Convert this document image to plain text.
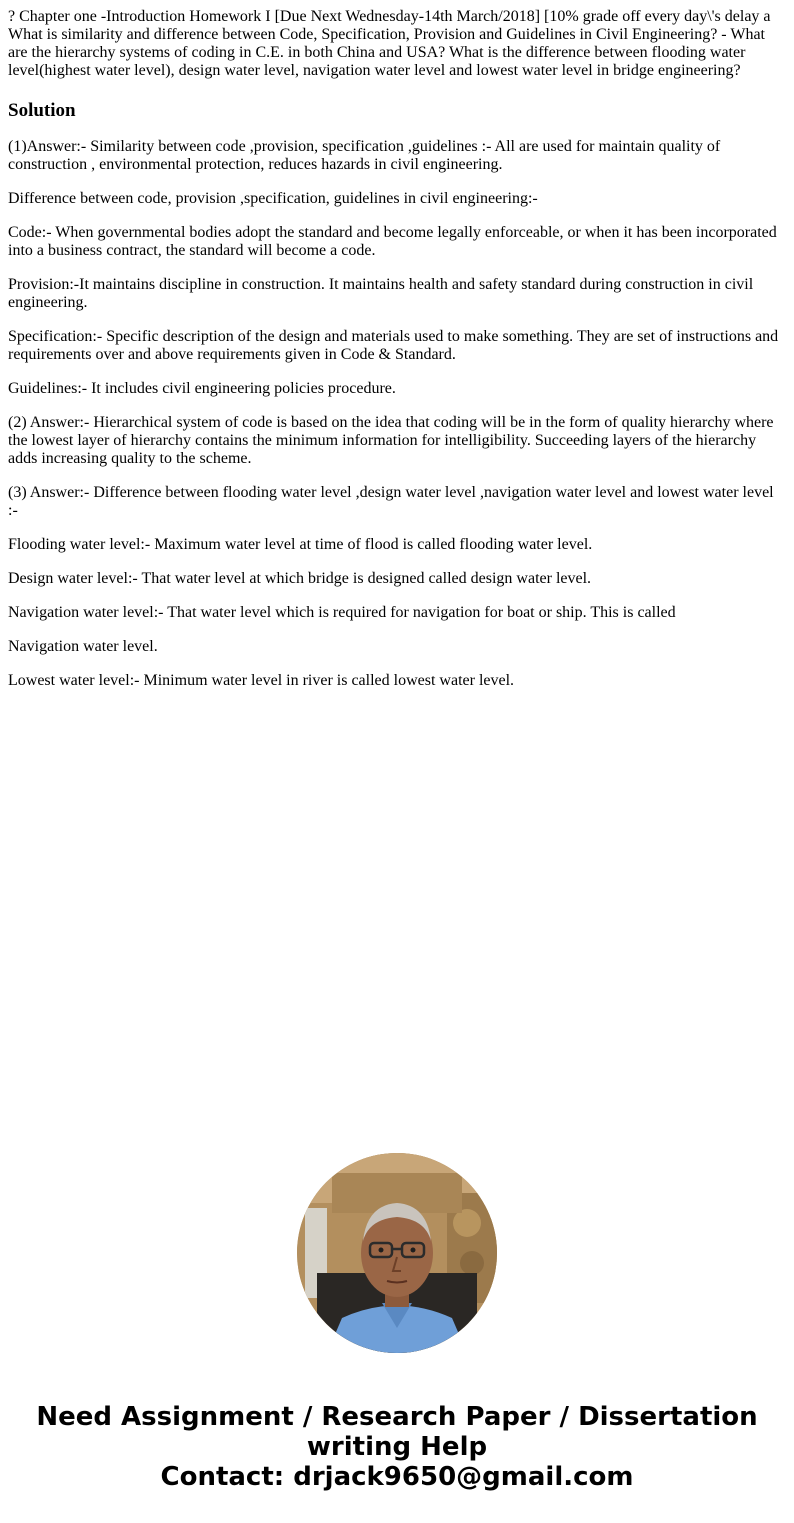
? Chapter one -Introduction Homework I [Due Next Wednesday-14th March/2018] [10% grade off every day\'s delay a What is similarity and difference between Code, Specification, Provision and Guidelines in Civil Engineering? - What are the hierarchy systems of coding in C.E. in both China and USA? What is the difference between flooding water level(highest water level), design water level, navigation water level and lowest water level in bridge engineering?

Solution

(1)Answer:- Similarity between code ,provision, specification ,guidelines :- All are used for maintain quality of construction , environmental protection, reduces hazards in civil engineering.

Difference between code, provision ,specification, guidelines in civil engineering:-

Code:- When governmental bodies adopt the standard and become legally enforceable, or when it has been incorporated into a business contract, the standard will become a code.

Provision:-It maintains discipline in construction. It maintains health and safety standard during construction in civil engineering.

Specification:- Specific description of the design and materials used to make something. They are set of instructions and requirements over and above requirements given in Code & Standard.

Guidelines:- It includes civil engineering policies procedure.

(2) Answer:- Hierarchical system of code is based on the idea that coding will be in the form of quality hierarchy where the lowest layer of hierarchy contains the minimum information for intelligibility. Succeeding layers of the hierarchy adds increasing quality to the scheme.

(3) Answer:- Difference between flooding water level ,design water level ,navigation water level and lowest water level :-

Flooding water level:- Maximum water level at time of flood is called flooding water level.

Design water level:- That water level at which bridge is designed called design water level.

Navigation water level:- That water level which is required for navigation for boat or ship. This is called

Navigation water level.

Lowest water level:- Minimum water level in river is called lowest water level.

Need Assignment / Research Paper / Dissertation
writing Help
Contact: drjack9650@gmail.com
